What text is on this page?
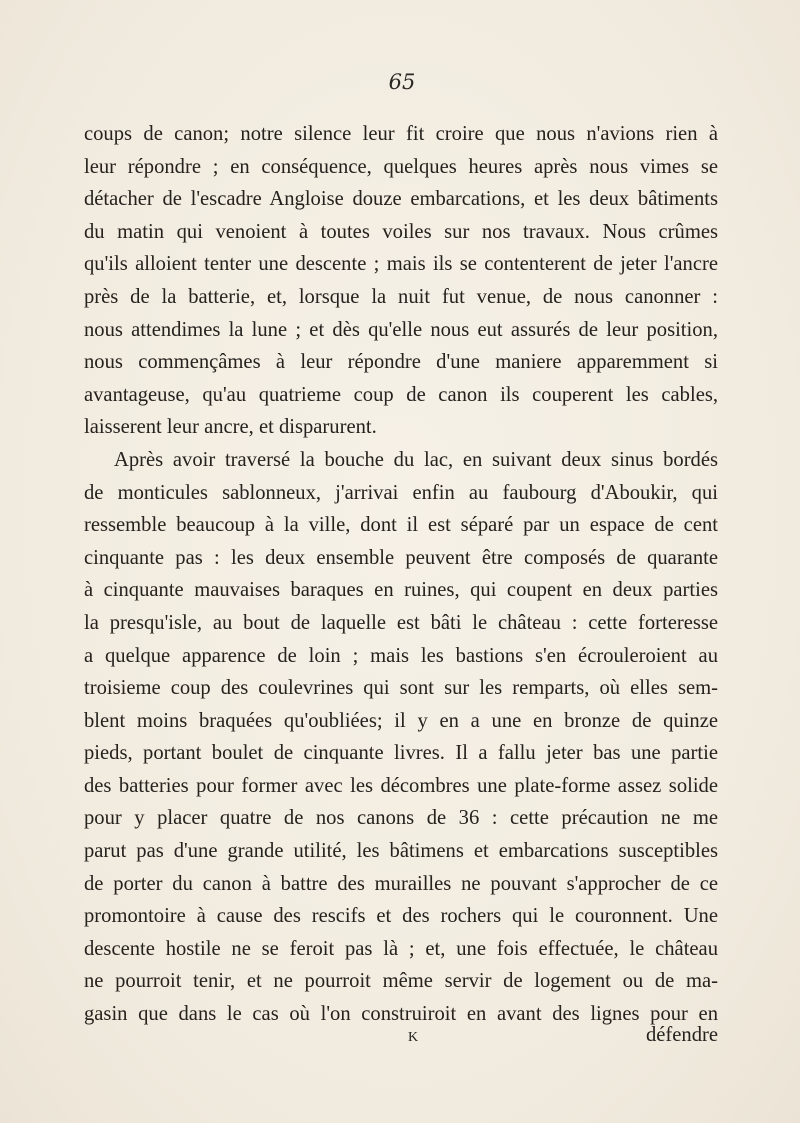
65
coups de canon; notre silence leur fit croire que nous n'avions rien à
leur répondre ; en conséquence, quelques heures après nous vimes se
détacher de l'escadre Angloise douze embarcations, et les deux bâtiments
du matin qui venoient à toutes voiles sur nos travaux. Nous crûmes
qu'ils alloient tenter une descente ; mais ils se contenterent de jeter l'ancre
près de la batterie, et, lorsque la nuit fut venue, de nous canonner :
nous attendimes la lune ; et dès qu'elle nous eut assurés de leur position,
nous commençâmes à leur répondre d'une maniere apparemment si
avantageuse, qu'au quatrieme coup de canon ils couperent les cables,
laisserent leur ancre, et disparurent.
Après avoir traversé la bouche du lac, en suivant deux sinus bordés
de monticules sablonneux, j'arrivai enfin au faubourg d'Aboukir, qui
ressemble beaucoup à la ville, dont il est séparé par un espace de cent
cinquante pas : les deux ensemble peuvent être composés de quarante
à cinquante mauvaises baraques en ruines, qui coupent en deux parties
la presqu'isle, au bout de laquelle est bâti le château : cette forteresse
a quelque apparence de loin ; mais les bastions s'en écrouleroient au
troisieme coup des coulevrines qui sont sur les remparts, où elles sem-
blent moins braquées qu'oubliées; il y en a une en bronze de quinze
pieds, portant boulet de cinquante livres. Il a fallu jeter bas une partie
des batteries pour former avec les décombres une plate-forme assez solide
pour y placer quatre de nos canons de 36 : cette précaution ne me
parut pas d'une grande utilité, les bâtimens et embarcations susceptibles
de porter du canon à battre des murailles ne pouvant s'approcher de ce
promontoire à cause des rescifs et des rochers qui le couronnent. Une
descente hostile ne se feroit pas là ; et, une fois effectuée, le château
ne pourroit tenir, et ne pourroit même servir de logement ou de ma-
gasin que dans le cas où l'on construiroit en avant des lignes pour en
K	défendre
